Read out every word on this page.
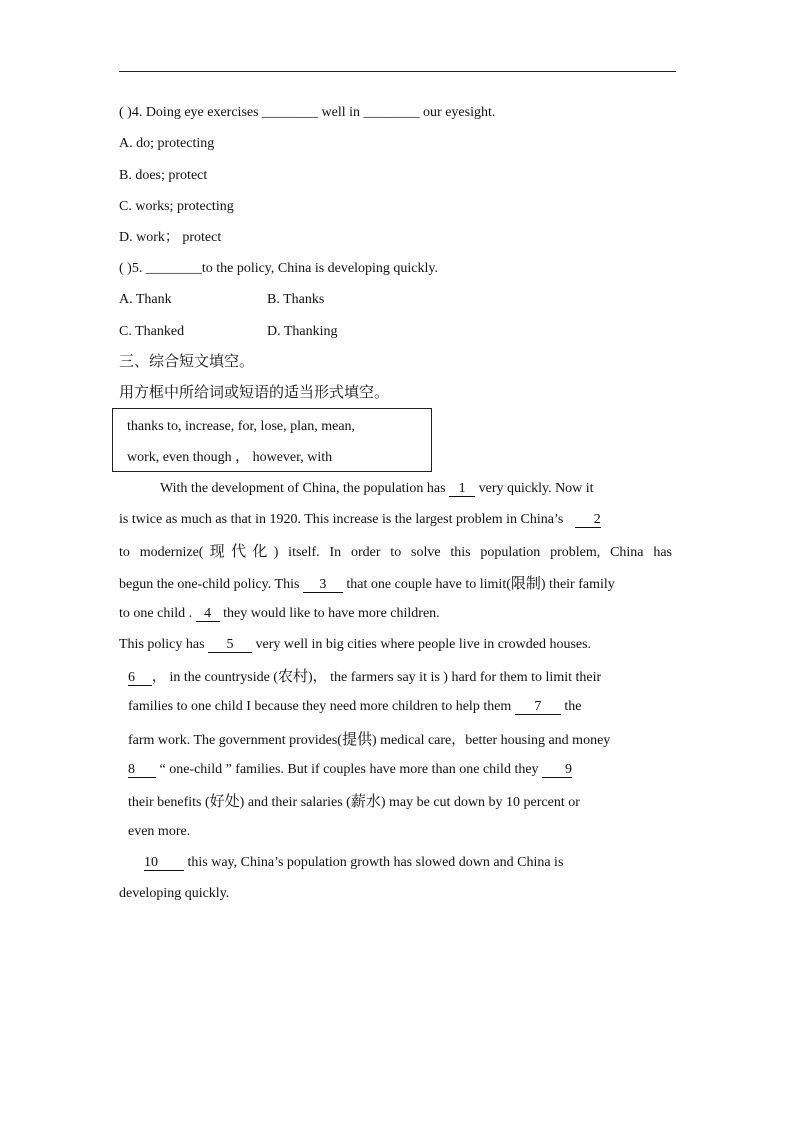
( )4. Doing eye exercises ________ well in ________ our eyesight.
A. do; protecting
B. does; protect
C. works; protecting
D. work； protect
( )5. ________to the policy, China is developing quickly.
A. Thank	B. Thanks
C. Thanked	D. Thanking
三、综合短文填空。
用方框中所给词或短语的适当形式填空。
thanks to, increase, for, lose, plan, mean,
work, even though ， however, with
With the development of China, the population has 1 very quickly. Now it
is twice as much as that in 1920. This increase is the largest problem in China’s 2
to modernize(现代化) itself. In order to solve this population problem, China has
begun the one-child policy. This 3 that one couple have to limit(限制) their family
to one child . 4 they would like to have more children.
This policy has 5 very well in big cities where people live in crowded houses.
6 ， in the countryside (农村)， the farmers say it is ) hard for them to limit their
families to one child I because they need more children to help them 7 the
farm work. The government provides(提供) medical care，better housing and money
8 “ one-child ” families. But if couples have more than one child they 9
their benefits (好处) and their salaries (薪水) may be cut down by 10 percent or
even more.
10 this way, China’s population growth has slowed down and China is
developing quickly.
